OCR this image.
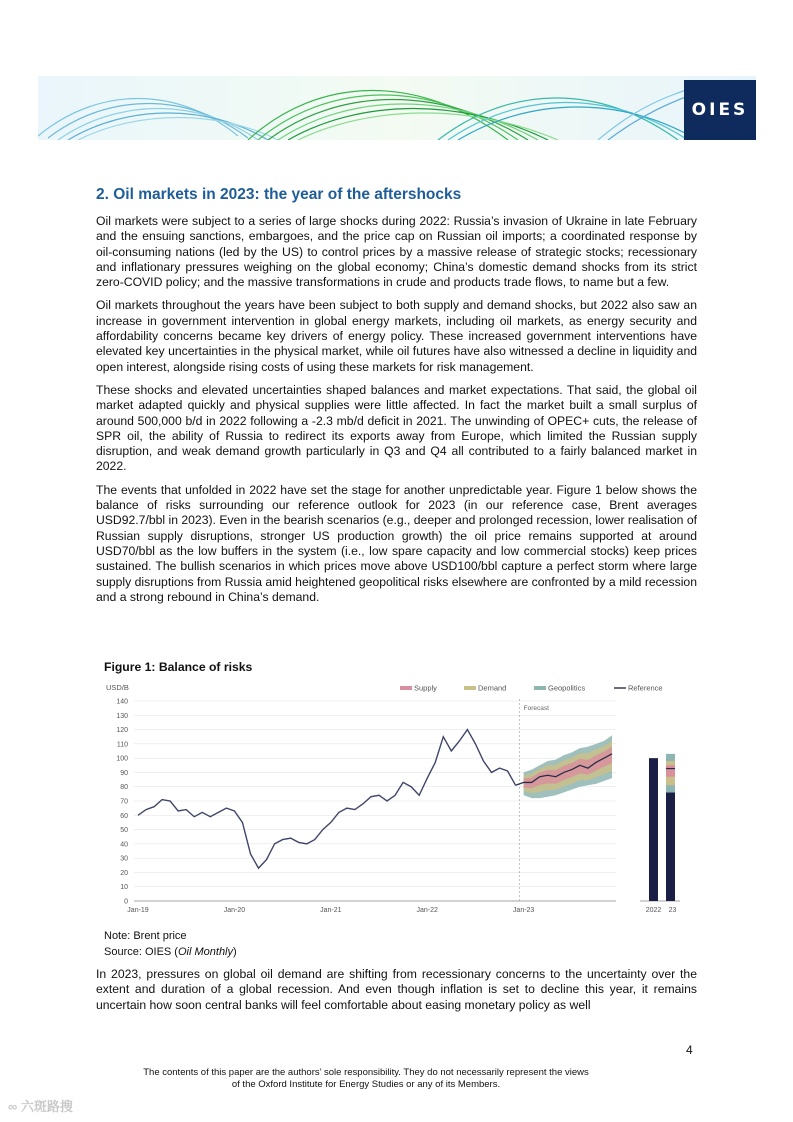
OIES
2. Oil markets in 2023: the year of the aftershocks

Oil markets were subject to a series of large shocks during 2022: Russia’s invasion of Ukraine in late February and the ensuing sanctions, embargoes, and the price cap on Russian oil imports; a coordinated response by oil-consuming nations (led by the US) to control prices by a massive release of strategic stocks; recessionary and inflationary pressures weighing on the global economy; China’s domestic demand shocks from its strict zero-COVID policy; and the massive transformations in crude and products trade flows, to name but a few.

Oil markets throughout the years have been subject to both supply and demand shocks, but 2022 also saw an increase in government intervention in global energy markets, including oil markets, as energy security and affordability concerns became key drivers of energy policy. These increased government interventions have elevated key uncertainties in the physical market, while oil futures have also witnessed a decline in liquidity and open interest, alongside rising costs of using these markets for risk management.

These shocks and elevated uncertainties shaped balances and market expectations. That said, the global oil market adapted quickly and physical supplies were little affected. In fact the market built a small surplus of around 500,000 b/d in 2022 following a -2.3 mb/d deficit in 2021. The unwinding of OPEC+ cuts, the release of SPR oil, the ability of Russia to redirect its exports away from Europe, which limited the Russian supply disruption, and weak demand growth particularly in Q3 and Q4 all contributed to a fairly balanced market in 2022.

The events that unfolded in 2022 have set the stage for another unpredictable year. Figure 1 below shows the balance of risks surrounding our reference outlook for 2023 (in our reference case, Brent averages USD92.7/bbl in 2023). Even in the bearish scenarios (e.g., deeper and prolonged recession, lower realisation of Russian supply disruptions, stronger US production growth) the oil price remains supported at around USD70/bbl as the low buffers in the system (i.e., low spare capacity and low commercial stocks) keep prices sustained. The bullish scenarios in which prices move above USD100/bbl capture a perfect storm where large supply disruptions from Russia amid heightened geopolitical risks elsewhere are confronted by a mild recession and a strong rebound in China’s demand.

Figure 1: Balance of risks
USD/B
0
10
20
30
40
50
60
70
80
90
100
110
120
130
140
Jan-19	Jan-20	Jan-21	Jan-22	Jan-23
Forecast
2022 23
Supply	Demand	Geopolitics	Reference
Note: Brent price
Source: OIES (Oil Monthly)
In 2023, pressures on global oil demand are shifting from recessionary concerns to the uncertainty over the extent and duration of a global recession. And even though inflation is set to decline this year, it remains uncertain how soon central banks will feel comfortable about easing monetary policy as well
4
The contents of this paper are the authors’ sole responsibility. They do not necessarily represent the views
of the Oxford Institute for Energy Studies or any of its Members.
∞ 六斑路搜
